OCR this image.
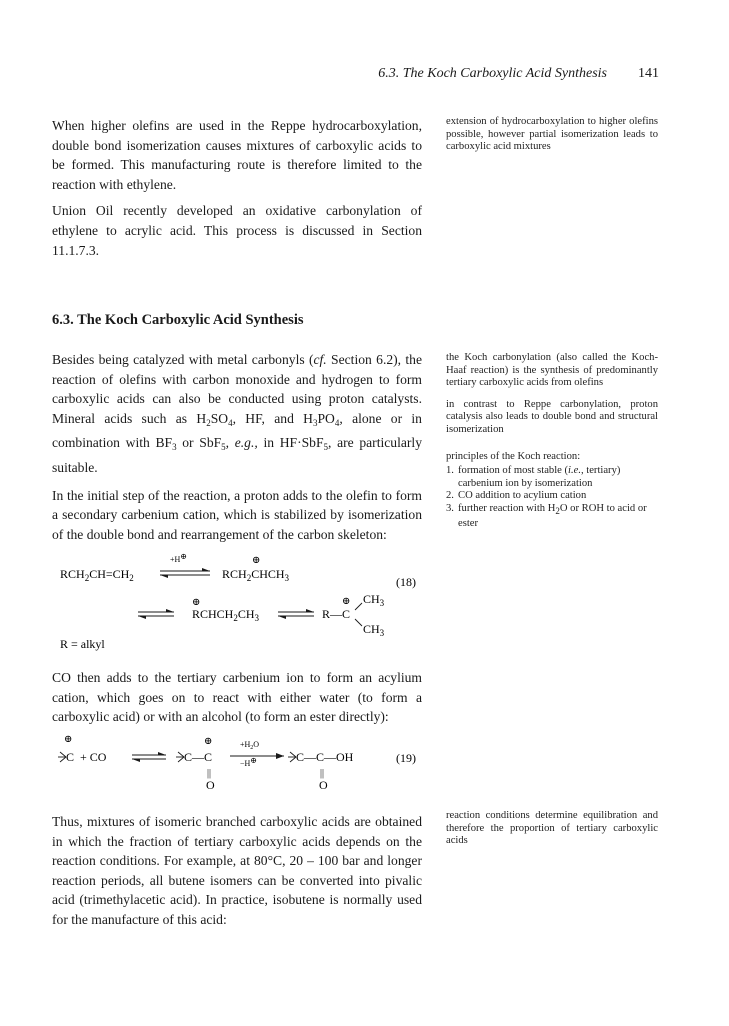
6.3. The Koch Carboxylic Acid Synthesis 141

When higher olefins are used in the Reppe hydrocarboxylation, double bond isomerization causes mixtures of carboxylic acids to be formed. This manufacturing route is therefore limited to the reaction with ethylene.

Union Oil recently developed an oxidative carbonylation of ethylene to acrylic acid. This process is discussed in Section 11.1.7.3.

extension of hydrocarboxylation to higher olefins possible, however partial isomerization leads to carboxylic acid mixtures

6.3. The Koch Carboxylic Acid Synthesis

Besides being catalyzed with metal carbonyls (cf. Section 6.2), the reaction of olefins with carbon monoxide and hydrogen to form carboxylic acids can also be conducted using proton catalysts. Mineral acids such as $H_2SO_4$, HF, and $H_3PO_4$, alone or in combination with $BF_3$ or SbF$_5$, e.g., in HF·SbF$_5$, are particularly suitable.

In the initial step of the reaction, a proton adds to the olefin to form a secondary carbenium cation, which is stabilized by isomerization of the double bond and rearrangement of the carbon skeleton:

the Koch carbonylation (also called the Koch-Haaf reaction) is the synthesis of predominantly tertiary carboxylic acids from olefins

in contrast to Reppe carbonylation, proton catalysis also leads to double bond and structural isomerization

principles of the Koch reaction:

1. formation of most stable (i.e., tertiary) carbenium ion by isomerization
2. CO addition to acylium cation
3. further reaction with $H_2O$ or ROH to acid or ester
$RCH_2CH=CH_2$
+H⊕	⊕
$RCH_2CHCH_3$	(18)
⊕
$RCHCH_2CH_3$	R—C
⊕ $CH_3$
$CH_3$
R = alkyl

CO then adds to the tertiary carbenium ion to form an acylium cation, which goes on to react with either water (to form a carboxylic acid) or with an alcohol (to form an ester directly):

⊕
C + CO	C—C
⊕
||
O
$+H_2O$
−H⊕	C—C—OH
||
O
(19)

Thus, mixtures of isomeric branched carboxylic acids are obtained in which the fraction of tertiary carboxylic acids depends on the reaction conditions. For example, at 80°C, 20 – 100 bar and longer reaction periods, all butene isomers can be converted into pivalic acid (trimethylacetic acid). In practice, isobutene is normally used for the manufacture of this acid:

reaction conditions determine equilibration and therefore the proportion of tertiary carboxylic acids
